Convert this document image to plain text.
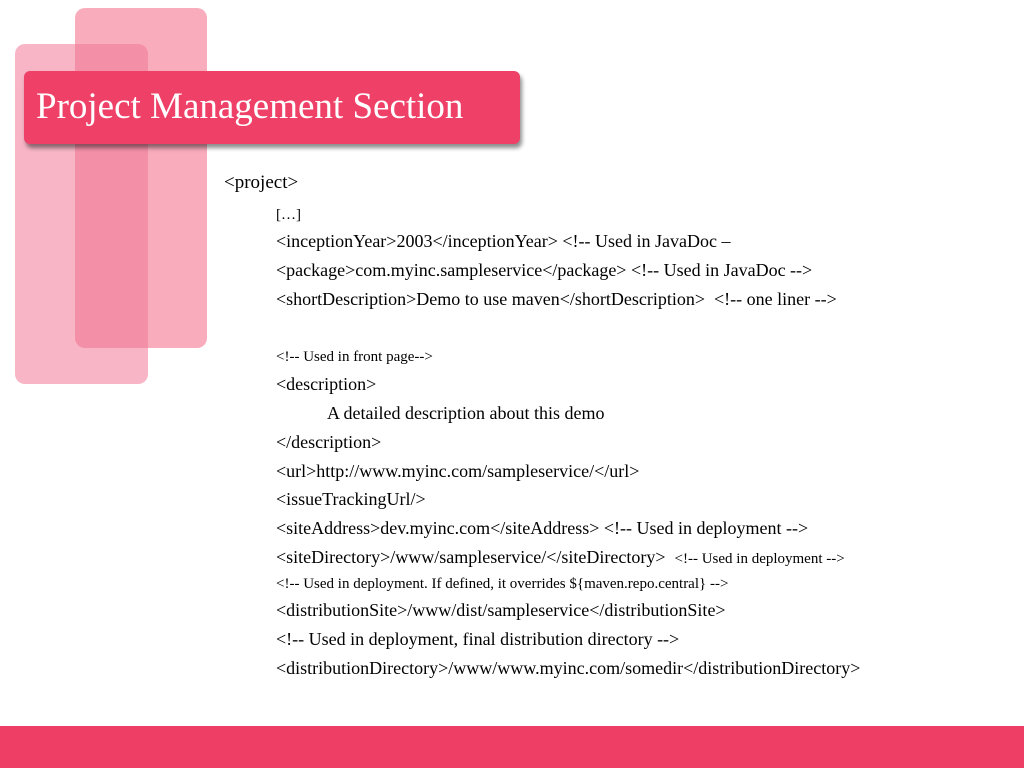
Project Management Section
<project>
[…]
<inceptionYear>2003</inceptionYear> <!-- Used in JavaDoc –
<package>com.myinc.sampleservice</package> <!-- Used in JavaDoc -->
<shortDescription>Demo to use maven</shortDescription>  <!-- one liner -->
<!-- Used in front page-->
<description>
A detailed description about this demo
</description>
<url>http://www.myinc.com/sampleservice/</url>
<issueTrackingUrl/>
<siteAddress>dev.myinc.com</siteAddress> <!-- Used in deployment -->
<siteDirectory>/www/sampleservice/</siteDirectory> <!-- Used in deployment -->
<!-- Used in deployment. If defined, it overrides ${maven.repo.central} -->
<distributionSite>/www/dist/sampleservice</distributionSite>
<!-- Used in deployment, final distribution directory -->
<distributionDirectory>/www/www.myinc.com/somedir</distributionDirectory>
